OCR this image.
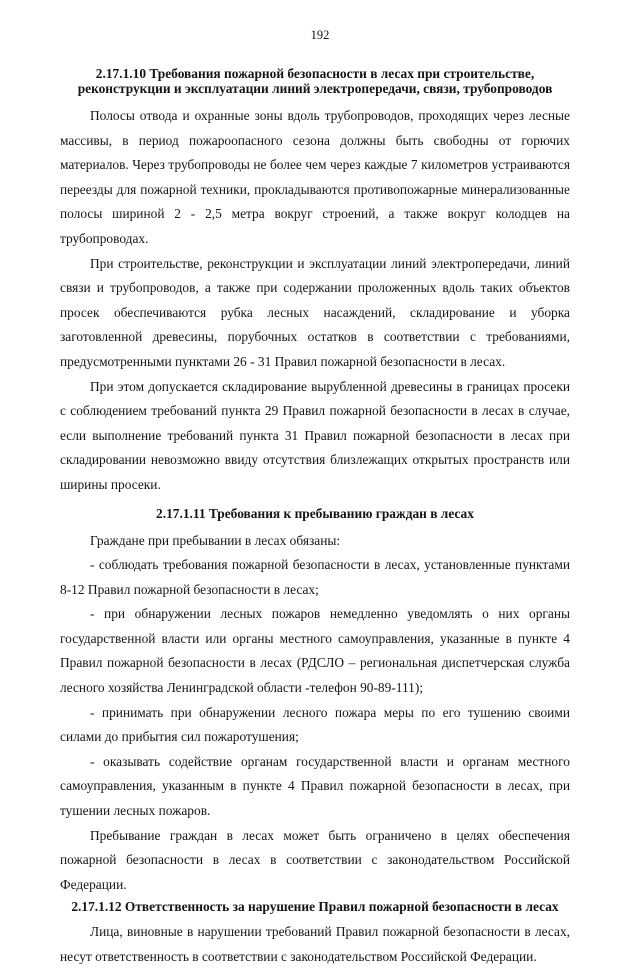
192
2.17.1.10 Требования пожарной безопасности в лесах при строительстве, реконструкции и эксплуатации линий электропередачи, связи, трубопроводов

Полосы отвода и охранные зоны вдоль трубопроводов, проходящих через лесные массивы, в период пожароопасного сезона должны быть свободны от горючих материалов. Через трубопроводы не более чем через каждые 7 километров устраиваются переезды для пожарной техники, прокладываются противопожарные минерализованные полосы шириной 2 - 2,5 метра вокруг строений, а также вокруг колодцев на трубопроводах.

При строительстве, реконструкции и эксплуатации линий электропередачи, линий связи и трубопроводов, а также при содержании проложенных вдоль таких объектов просек обеспечиваются рубка лесных насаждений, складирование и уборка заготовленной древесины, порубочных остатков в соответствии с требованиями, предусмотренными пунктами 26 - 31 Правил пожарной безопасности в лесах.

При этом допускается складирование вырубленной древесины в границах просеки с соблюдением требований пункта 29 Правил пожарной безопасности в лесах в случае, если выполнение требований пункта 31 Правил пожарной безопасности в лесах при складировании невозможно ввиду отсутствия близлежащих открытых пространств или ширины просеки.

2.17.1.11 Требования к пребыванию граждан в лесах

Граждане при пребывании в лесах обязаны:

- соблюдать требования пожарной безопасности в лесах, установленные пунктами 8-12 Правил пожарной безопасности в лесах;

- при обнаружении лесных пожаров немедленно уведомлять о них органы государственной власти или органы местного самоуправления, указанные в пункте 4 Правил пожарной безопасности в лесах (РДСЛО – региональная диспетчерская служба лесного хозяйства Ленинградской области -телефон 90-89-111);

- принимать при обнаружении лесного пожара меры по его тушению своими силами до прибытия сил пожаротушения;

- оказывать содействие органам государственной власти и органам местного самоуправления, указанным в пункте 4 Правил пожарной безопасности в лесах, при тушении лесных пожаров.

Пребывание граждан в лесах может быть ограничено в целях обеспечения пожарной безопасности в лесах в соответствии с законодательством Российской Федерации.

2.17.1.12 Ответственность за нарушение Правил пожарной безопасности в лесах

Лица, виновные в нарушении требований Правил пожарной безопасности в лесах, несут ответственность в соответствии с законодательством Российской Федерации.
